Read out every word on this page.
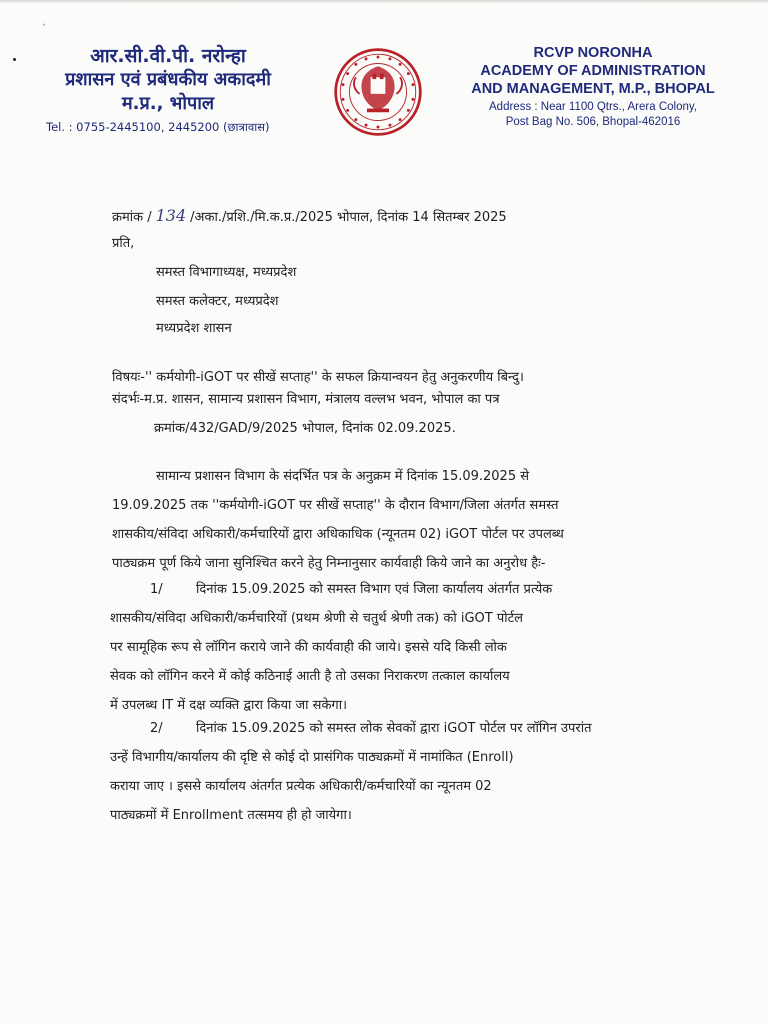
ˋ
आर.सी.वी.पी. नरोन्हा
प्रशासन एवं प्रबंधकीय अकादमी
म.प्र., भोपाल
Tel. : 0755-2445100, 2445200 (छात्रावास)
RCVP NORONHA
ACADEMY OF ADMINISTRATION
AND MANAGEMENT, M.P., BHOPAL
Address : Near 1100 Qtrs., Arera Colony,
Post Bag No. 506, Bhopal-462016
क्रमांक / 134 /अका./प्रशि./मि.क.प्र./2025 भोपाल, दिनांक 14 सितम्बर 2025
प्रति,
समस्त विभागाध्यक्ष, मध्यप्रदेश
समस्त कलेक्टर, मध्यप्रदेश
मध्यप्रदेश शासन
विषयः-'' कर्मयोगी-iGOT पर सीखें सप्ताह'' के सफल क्रियान्वयन हेतु अनुकरणीय बिन्दु।
संदर्भः-म.प्र. शासन, सामान्य प्रशासन विभाग, मंत्रालय वल्लभ भवन, भोपाल का पत्र
क्रमांक/432/GAD/9/2025 भोपाल, दिनांक 02.09.2025.
सामान्य प्रशासन विभाग के संदर्भित पत्र के अनुक्रम में दिनांक 15.09.2025 से
19.09.2025 तक ''कर्मयोगी-iGOT पर सीखें सप्ताह'' के दौरान विभाग/जिला अंतर्गत समस्त
शासकीय/संविदा अधिकारी/कर्मचारियों द्वारा अधिकाधिक (न्यूनतम 02) iGOT पोर्टल पर उपलब्ध
पाठ्यक्रम पूर्ण किये जाना सुनिश्चित करने हेतु निम्नानुसार कार्यवाही किये जाने का अनुरोध हैः-
1/	दिनांक 15.09.2025 को समस्त विभाग एवं जिला कार्यालय अंतर्गत प्रत्येक
शासकीय/संविदा अधिकारी/कर्मचारियों (प्रथम श्रेणी से चतुर्थ श्रेणी तक) को iGOT पोर्टल
पर सामूहिक रूप से लॉगिन कराये जाने की कार्यवाही की जाये। इससे यदि किसी लोक
सेवक को लॉगिन करने में कोई कठिनाई आती है तो उसका निराकरण तत्काल कार्यालय
में उपलब्ध IT में दक्ष व्यक्ति द्वारा किया जा सकेगा।
2/	दिनांक 15.09.2025 को समस्त लोक सेवकों द्वारा iGOT पोर्टल पर लॉगिन उपरांत
उन्हें विभागीय/कार्यालय की दृष्टि से कोई दो प्रासंगिक पाठ्यक्रमों में नामांकित (Enroll)
कराया जाए । इससे कार्यालय अंतर्गत प्रत्येक अधिकारी/कर्मचारियों का न्यूनतम 02
पाठ्यक्रमों में Enrollment तत्समय ही हो जायेगा।
